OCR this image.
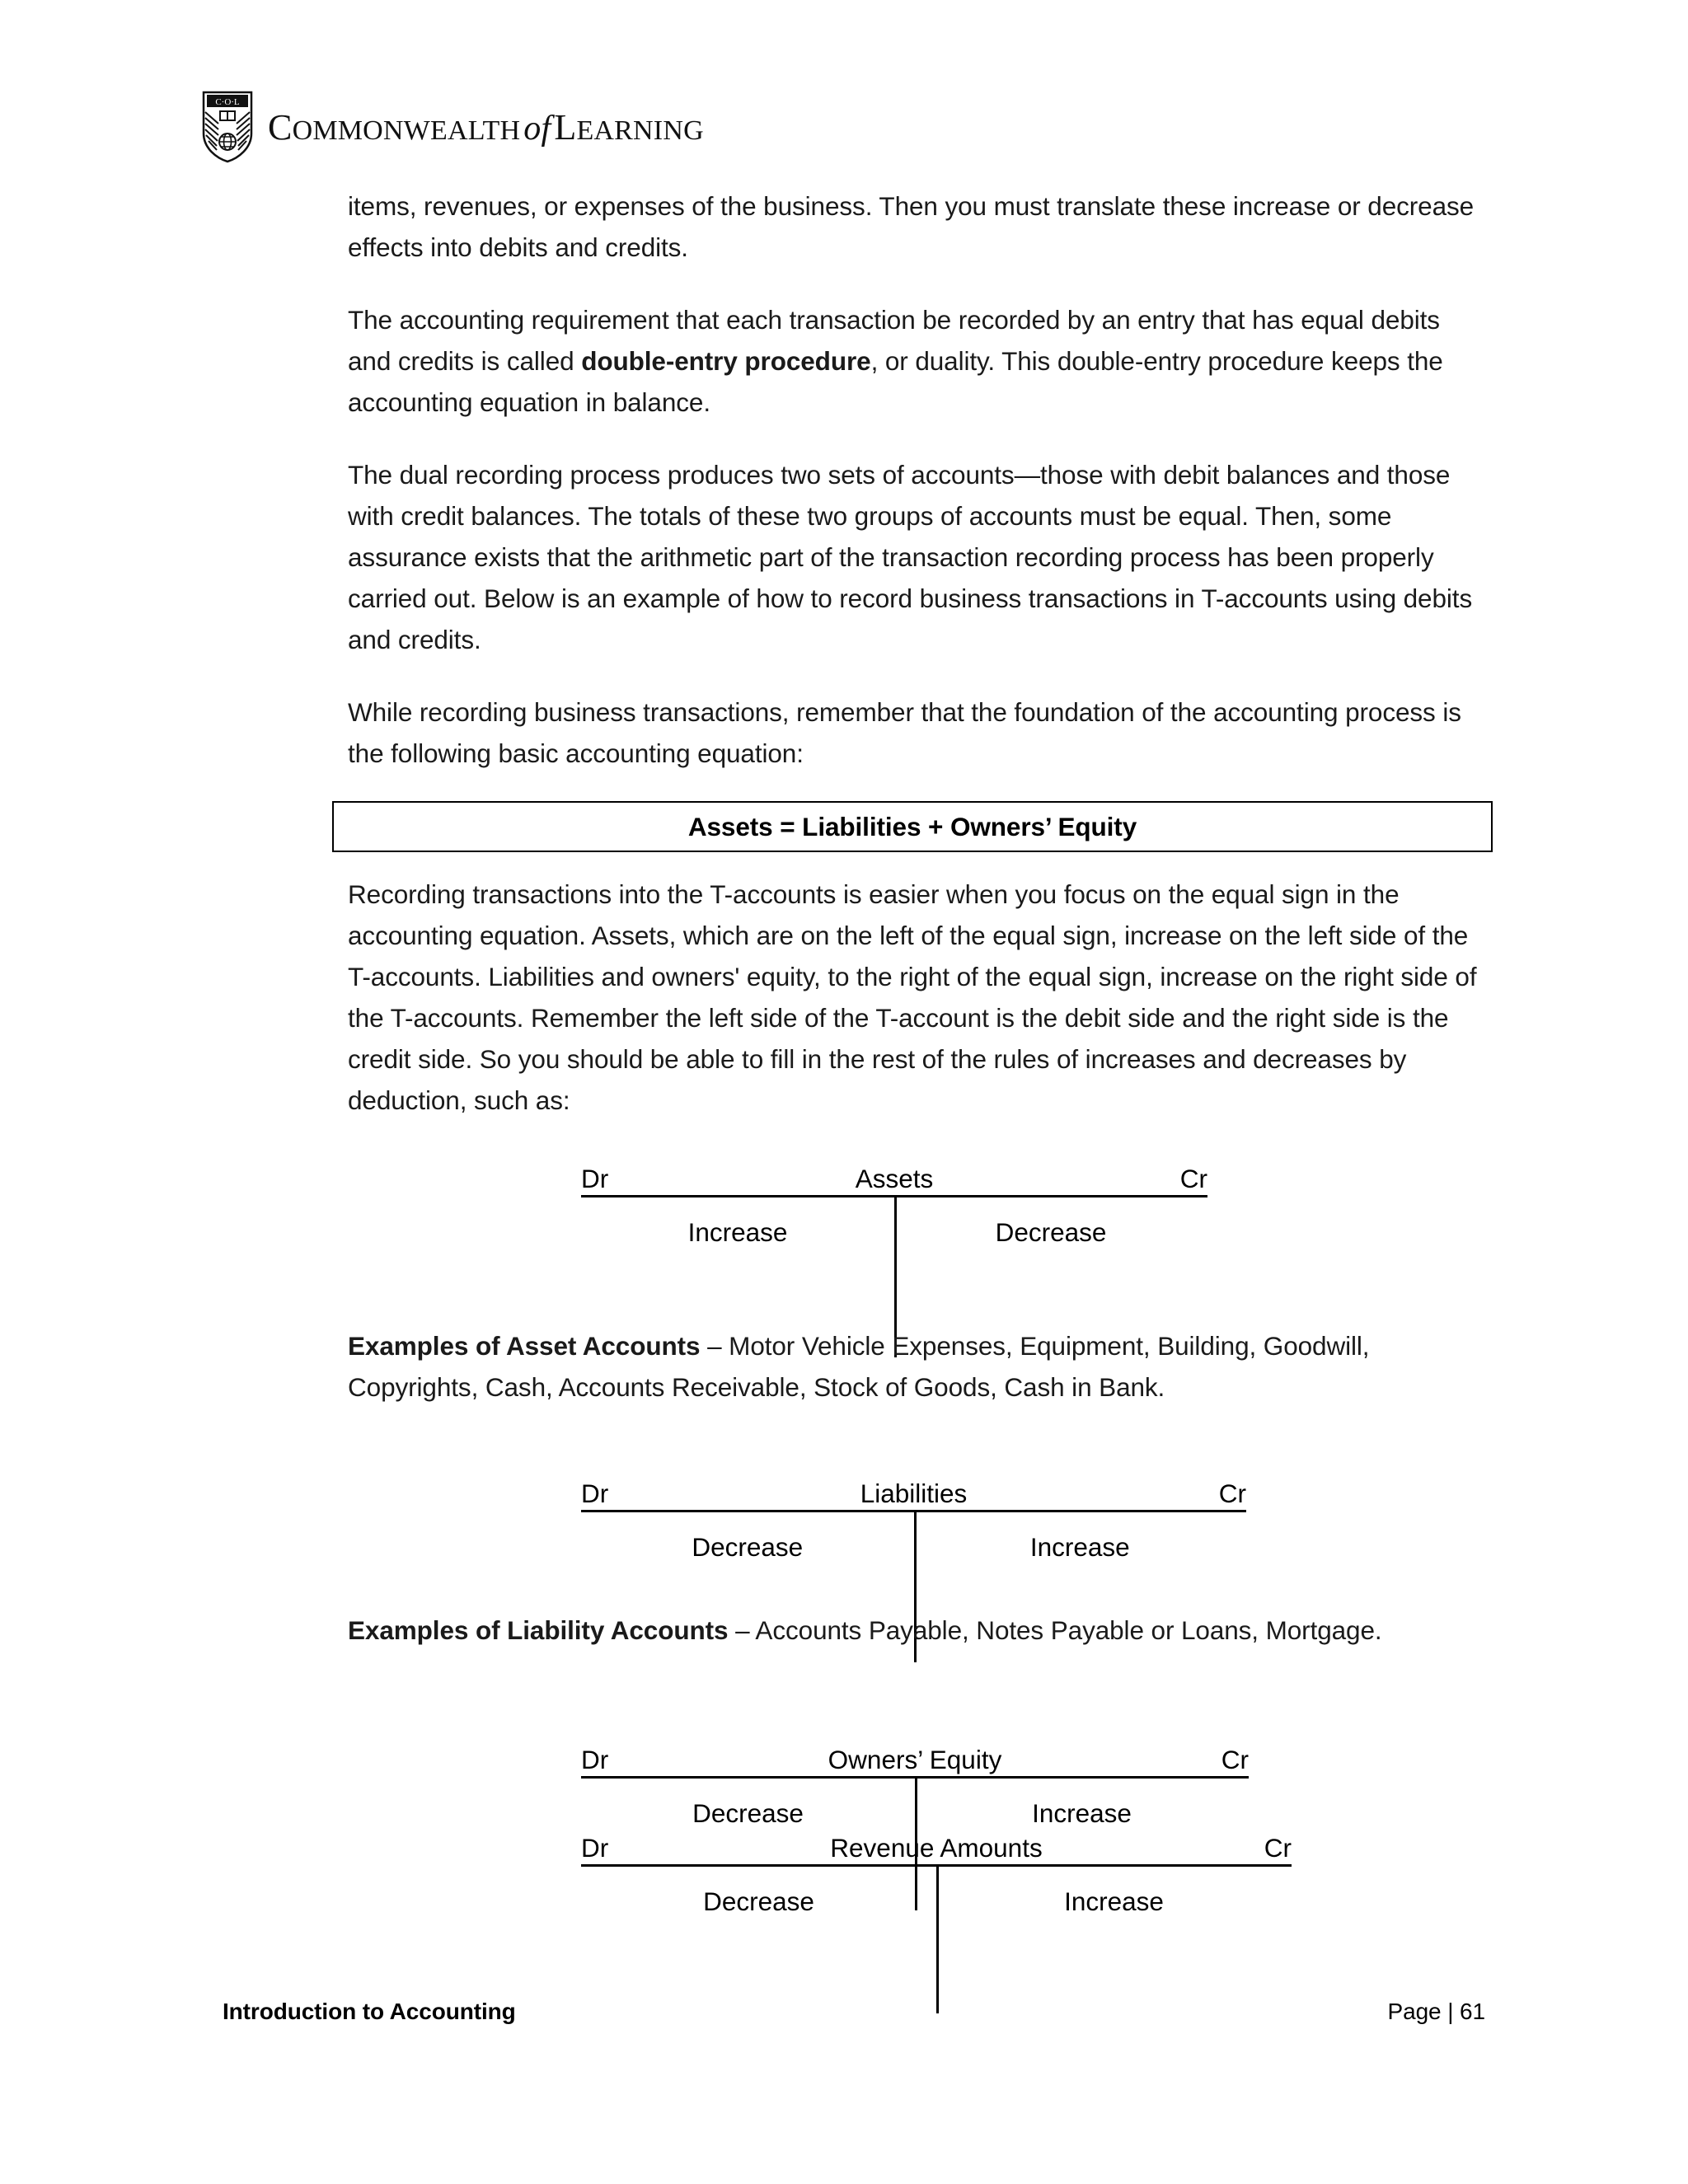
C·O·L
COMMONWEALTHofLEARNING

items, revenues, or expenses of the business. Then you must translate these increase or decrease effects into debits and credits.

The accounting requirement that each transaction be recorded by an entry that has equal debits and credits is called double-entry procedure, or duality. This double-entry procedure keeps the accounting equation in balance.

The dual recording process produces two sets of accounts—those with debit balances and those with credit balances. The totals of these two groups of accounts must be equal. Then, some assurance exists that the arithmetic part of the transaction recording process has been properly carried out. Below is an example of how to record business transactions in T-accounts using debits and credits.

While recording business transactions, remember that the foundation of the accounting process is the following basic accounting equation:

Assets = Liabilities + Owners’ Equity

Recording transactions into the T-accounts is easier when you focus on the equal sign in the accounting equation. Assets, which are on the left of the equal sign, increase on the left side of the T-accounts. Liabilities and owners' equity, to the right of the equal sign, increase on the right side of the T-accounts. Remember the left side of the T-account is the debit side and the right side is the credit side. So you should be able to fill in the rest of the rules of increases and decreases by deduction, such as:

Dr	Assets	Cr
Increase	Decrease

Examples of Asset Accounts – Motor Vehicle Expenses, Equipment, Building, Goodwill, Copyrights, Cash, Accounts Receivable, Stock of Goods, Cash in Bank.

Dr	Liabilities	Cr
Decrease	Increase

Examples of Liability Accounts – Accounts Payable, Notes Payable or Loans, Mortgage.

Dr	Owners’ Equity	Cr
Decrease	Increase
Dr	Revenue Amounts	Cr
Decrease	Increase
Introduction to Accounting	Page | 61
